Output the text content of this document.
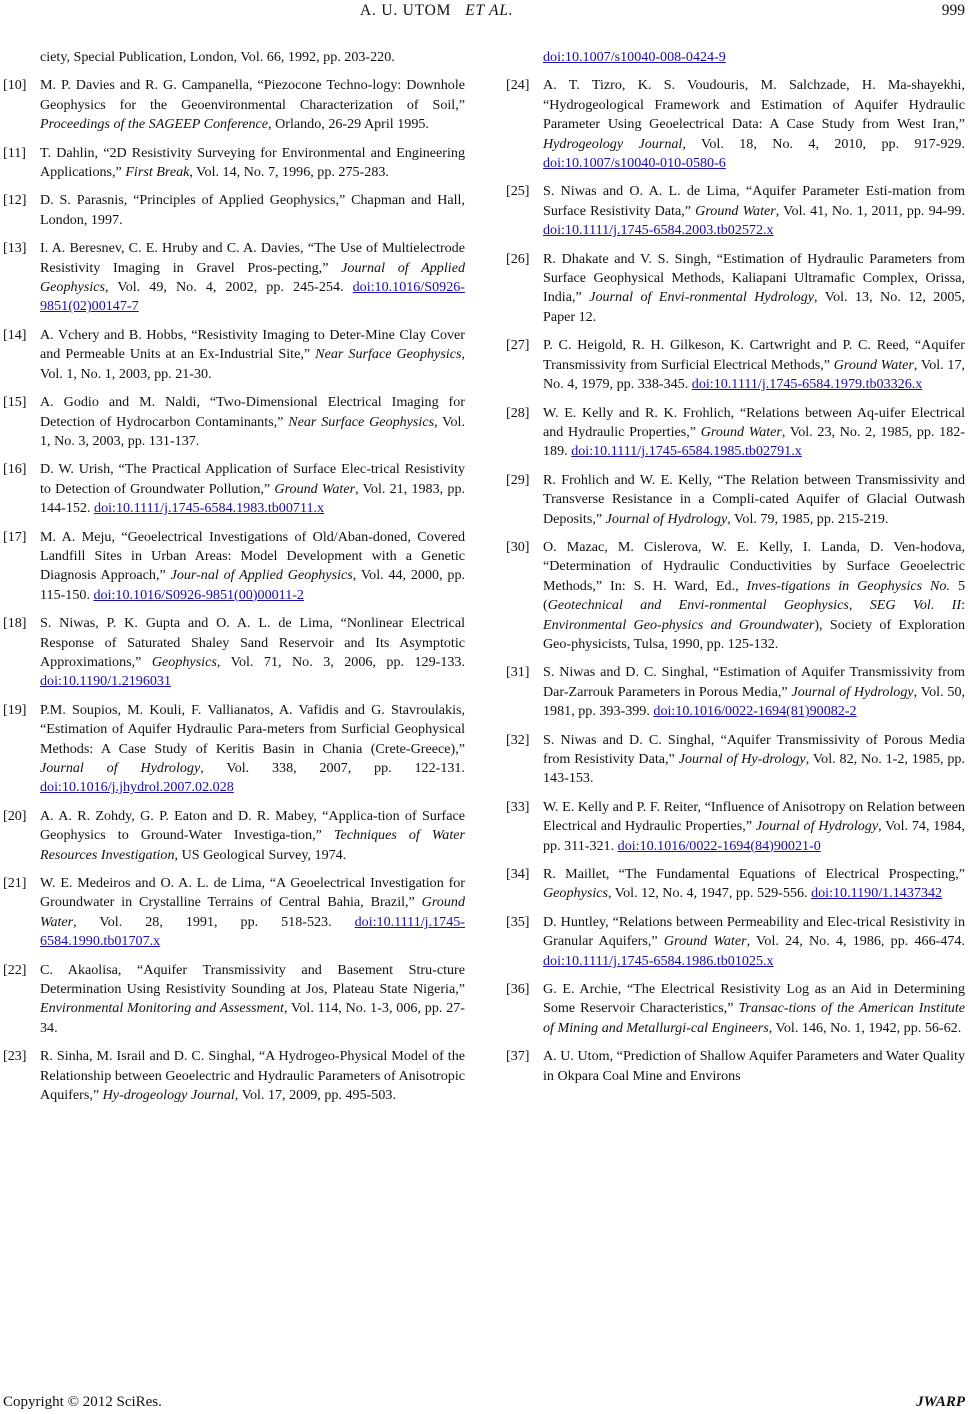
A. U. UTOM ET AL.	999
ciety, Special Publication, London, Vol. 66, 1992, pp. 203-220.
[10] M. P. Davies and R. G. Campanella, “Piezocone Techno-logy: Downhole Geophysics for the Geoenvironmental Characterization of Soil,” Proceedings of the SAGEEP Conference, Orlando, 26-29 April 1995.
[11] T. Dahlin, “2D Resistivity Surveying for Environmental and Engineering Applications,” First Break, Vol. 14, No. 7, 1996, pp. 275-283.
[12] D. S. Parasnis, “Principles of Applied Geophysics,” Chapman and Hall, London, 1997.
[13] I. A. Beresnev, C. E. Hruby and C. A. Davies, “The Use of Multielectrode Resistivity Imaging in Gravel Pros-pecting,” Journal of Applied Geophysics, Vol. 49, No. 4, 2002, pp. 245-254. doi:10.1016/S0926-9851(02)00147-7
[14] A. Vchery and B. Hobbs, “Resistivity Imaging to Deter-Mine Clay Cover and Permeable Units at an Ex-Industrial Site,” Near Surface Geophysics, Vol. 1, No. 1, 2003, pp. 21-30.
[15] A. Godio and M. Naldi, “Two-Dimensional Electrical Imaging for Detection of Hydrocarbon Contaminants,” Near Surface Geophysics, Vol. 1, No. 3, 2003, pp. 131-137.
[16] D. W. Urish, “The Practical Application of Surface Elec-trical Resistivity to Detection of Groundwater Pollution,” Ground Water, Vol. 21, 1983, pp. 144-152. doi:10.1111/j.1745-6584.1983.tb00711.x
[17] M. A. Meju, “Geoelectrical Investigations of Old/Aban-doned, Covered Landfill Sites in Urban Areas: Model Development with a Genetic Diagnosis Approach,” Jour-nal of Applied Geophysics, Vol. 44, 2000, pp. 115-150. doi:10.1016/S0926-9851(00)00011-2
[18] S. Niwas, P. K. Gupta and O. A. L. de Lima, “Nonlinear Electrical Response of Saturated Shaley Sand Reservoir and Its Asymptotic Approximations,” Geophysics, Vol. 71, No. 3, 2006, pp. 129-133. doi:10.1190/1.2196031
[19] P.M. Soupios, M. Kouli, F. Vallianatos, A. Vafidis and G. Stavroulakis, “Estimation of Aquifer Hydraulic Para-meters from Surficial Geophysical Methods: A Case Study of Keritis Basin in Chania (Crete-Greece),” Journal of Hydrology, Vol. 338, 2007, pp. 122-131. doi:10.1016/j.jhydrol.2007.02.028
[20] A. A. R. Zohdy, G. P. Eaton and D. R. Mabey, “Applica-tion of Surface Geophysics to Ground-Water Investiga-tion,” Techniques of Water Resources Investigation, US Geological Survey, 1974.
[21] W. E. Medeiros and O. A. L. de Lima, “A Geoelectrical Investigation for Groundwater in Crystalline Terrains of Central Bahia, Brazil,” Ground Water, Vol. 28, 1991, pp. 518-523. doi:10.1111/j.1745-6584.1990.tb01707.x
[22] C. Akaolisa, “Aquifer Transmissivity and Basement Stru-cture Determination Using Resistivity Sounding at Jos, Plateau State Nigeria,” Environmental Monitoring and Assessment, Vol. 114, No. 1-3, 006, pp. 27-34.
[23] R. Sinha, M. Israil and D. C. Singhal, “A Hydrogeo-Physical Model of the Relationship between Geoelectric and Hydraulic Parameters of Anisotropic Aquifers,” Hy-drogeology Journal, Vol. 17, 2009, pp. 495-503.
doi:10.1007/s10040-008-0424-9
[24] A. T. Tizro, K. S. Voudouris, M. Salchzade, H. Ma-shayekhi, “Hydrogeological Framework and Estimation of Aquifer Hydraulic Parameter Using Geoelectrical Data: A Case Study from West Iran,” Hydrogeology Journal, Vol. 18, No. 4, 2010, pp. 917-929. doi:10.1007/s10040-010-0580-6
[25] S. Niwas and O. A. L. de Lima, “Aquifer Parameter Esti-mation from Surface Resistivity Data,” Ground Water, Vol. 41, No. 1, 2011, pp. 94-99. doi:10.1111/j.1745-6584.2003.tb02572.x
[26] R. Dhakate and V. S. Singh, “Estimation of Hydraulic Parameters from Surface Geophysical Methods, Kaliapani Ultramafic Complex, Orissa, India,” Journal of Envi-ronmental Hydrology, Vol. 13, No. 12, 2005, Paper 12.
[27] P. C. Heigold, R. H. Gilkeson, K. Cartwright and P. C. Reed, “Aquifer Transmissivity from Surficial Electrical Methods,” Ground Water, Vol. 17, No. 4, 1979, pp. 338-345. doi:10.1111/j.1745-6584.1979.tb03326.x
[28] W. E. Kelly and R. K. Frohlich, “Relations between Aq-uifer Electrical and Hydraulic Properties,” Ground Water, Vol. 23, No. 2, 1985, pp. 182-189. doi:10.1111/j.1745-6584.1985.tb02791.x
[29] R. Frohlich and W. E. Kelly, “The Relation between Transmissivity and Transverse Resistance in a Compli-cated Aquifer of Glacial Outwash Deposits,” Journal of Hydrology, Vol. 79, 1985, pp. 215-219.
[30] O. Mazac, M. Cislerova, W. E. Kelly, I. Landa, D. Ven-hodova, “Determination of Hydraulic Conductivities by Surface Geoelectric Methods,” In: S. H. Ward, Ed., Inves-tigations in Geophysics No. 5 (Geotechnical and Envi-ronmental Geophysics, SEG Vol. II: Environmental Geo-physics and Groundwater), Society of Exploration Geo-physicists, Tulsa, 1990, pp. 125-132.
[31] S. Niwas and D. C. Singhal, “Estimation of Aquifer Transmissivity from Dar-Zarrouk Parameters in Porous Media,” Journal of Hydrology, Vol. 50, 1981, pp. 393-399. doi:10.1016/0022-1694(81)90082-2
[32] S. Niwas and D. C. Singhal, “Aquifer Transmissivity of Porous Media from Resistivity Data,” Journal of Hy-drology, Vol. 82, No. 1-2, 1985, pp. 143-153.
[33] W. E. Kelly and P. F. Reiter, “Influence of Anisotropy on Relation between Electrical and Hydraulic Properties,” Journal of Hydrology, Vol. 74, 1984, pp. 311-321. doi:10.1016/0022-1694(84)90021-0
[34] R. Maillet, “The Fundamental Equations of Electrical Prospecting,” Geophysics, Vol. 12, No. 4, 1947, pp. 529-556. doi:10.1190/1.1437342
[35] D. Huntley, “Relations between Permeability and Elec-trical Resistivity in Granular Aquifers,” Ground Water, Vol. 24, No. 4, 1986, pp. 466-474. doi:10.1111/j.1745-6584.1986.tb01025.x
[36] G. E. Archie, “The Electrical Resistivity Log as an Aid in Determining Some Reservoir Characteristics,” Transac-tions of the American Institute of Mining and Metallurgi-cal Engineers, Vol. 146, No. 1, 1942, pp. 56-62.
[37] A. U. Utom, “Prediction of Shallow Aquifer Parameters and Water Quality in Okpara Coal Mine and Environs
Copyright © 2012 SciRes.	JWARP
